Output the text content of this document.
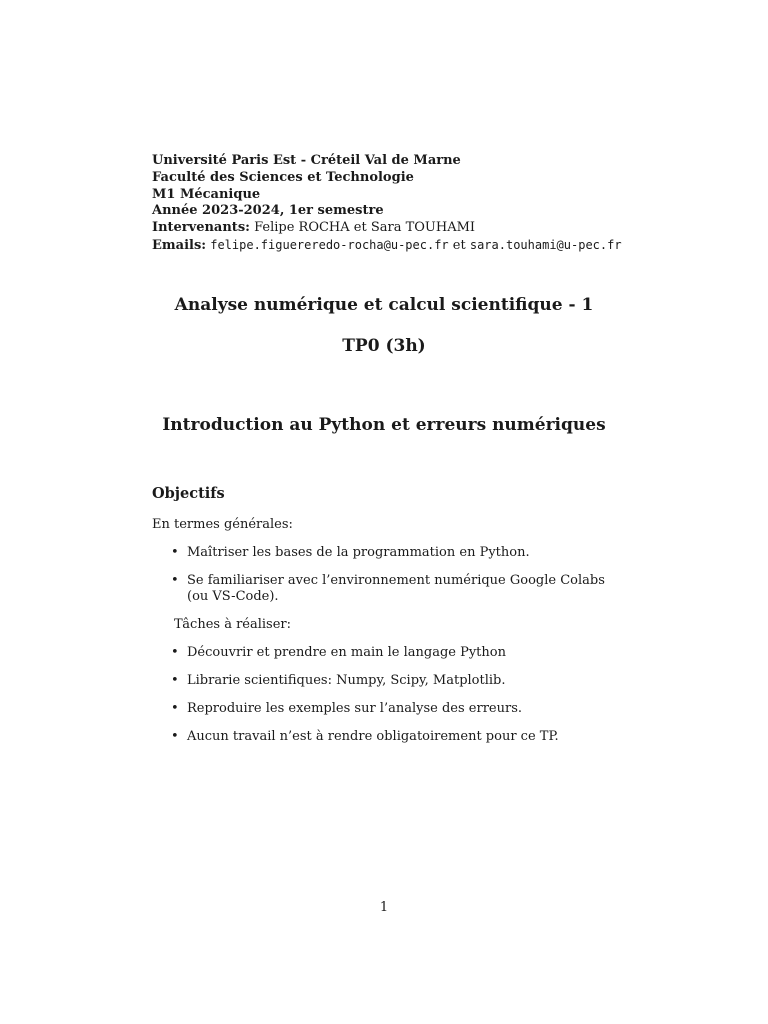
Université Paris Est - Créteil Val de Marne
Faculté des Sciences et Technologie
M1 Mécanique
Année 2023-2024, 1er semestre
Intervenants: Felipe ROCHA et Sara TOUHAMI
Emails: felipe.figuereredo-rocha@u-pec.fr et sara.touhami@u-pec.fr
Analyse numérique et calcul scientifique - 1
TP0 (3h)
Introduction au Python et erreurs numériques
Objectifs
En termes générales:
• Maîtriser les bases de la programmation en Python.
• Se familiariser avec l’environnement numérique Google Colabs (ou VS-Code).
Tâches à réaliser:
• Découvrir et prendre en main le langage Python
• Librarie scientifiques: Numpy, Scipy, Matplotlib.
• Reproduire les exemples sur l’analyse des erreurs.
• Aucun travail n’est à rendre obligatoirement pour ce TP.
1
